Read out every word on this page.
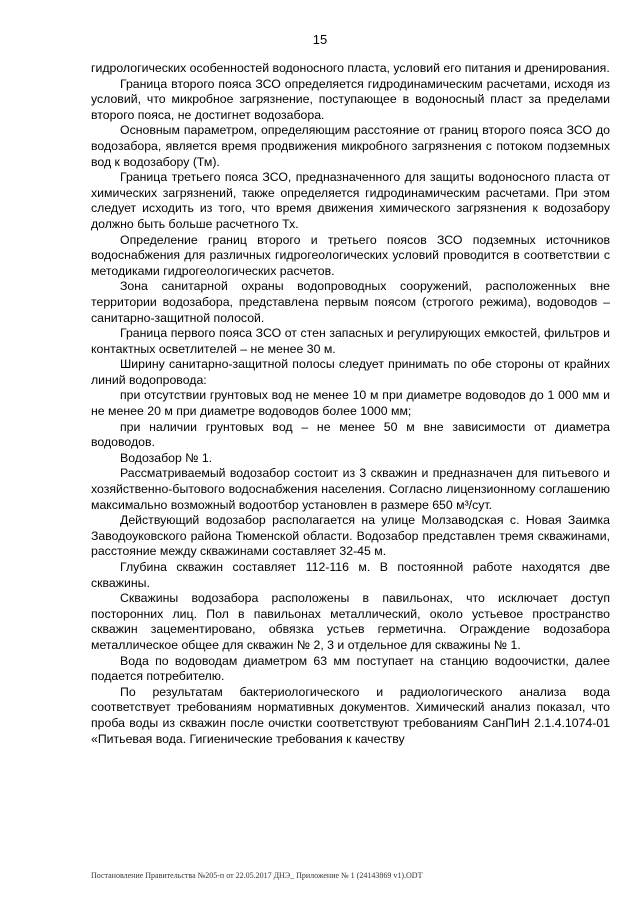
15

гидрологических особенностей водоносного пласта, условий его питания и дренирования.

Граница второго пояса ЗСО определяется гидродинамическим расчетами, исходя из условий, что микробное загрязнение, поступающее в водоносный пласт за пределами второго пояса, не достигнет водозабора.

Основным параметром, определяющим расстояние от границ второго пояса ЗСО до водозабора, является время продвижения микробного загрязнения с потоком подземных вод к водозабору (Тм).

Граница третьего пояса ЗСО, предназначенного для защиты водоносного пласта от химических загрязнений, также определяется гидродинамическим расчетами. При этом следует исходить из того, что время движения химического загрязнения к водозабору должно быть больше расчетного Тх.

Определение границ второго и третьего поясов ЗСО подземных источников водоснабжения для различных гидрогеологических условий проводится в соответствии с методиками гидрогеологических расчетов.

Зона санитарной охраны водопроводных сооружений, расположенных вне территории водозабора, представлена первым поясом (строгого режима), водоводов – санитарно-защитной полосой.

Граница первого пояса ЗСО от стен запасных и регулирующих емкостей, фильтров и контактных осветлителей – не менее 30 м.

Ширину санитарно-защитной полосы следует принимать по обе стороны от крайних линий водопровода:

при отсутствии грунтовых вод не менее 10 м при диаметре водоводов до 1 000 мм и не менее 20 м при диаметре водоводов более 1000 мм;

при наличии грунтовых вод – не менее 50 м вне зависимости от диаметра водоводов.

Водозабор № 1.

Рассматриваемый водозабор состоит из 3 скважин и предназначен для питьевого и хозяйственно-бытового водоснабжения населения. Согласно лицензионному соглашению максимально возможный водоотбор установлен в размере 650 м³/сут.

Действующий водозабор располагается на улице Молзаводская с. Новая Заимка Заводоуковского района Тюменской области. Водозабор представлен тремя скважинами, расстояние между скважинами составляет 32-45 м.

Глубина скважин составляет 112-116 м. В постоянной работе находятся две скважины.

Скважины водозабора расположены в павильонах, что исключает доступ посторонних лиц. Пол в павильонах металлический, около устьевое пространство скважин зацементировано, обвязка устьев герметична. Ограждение водозабора металлическое общее для скважин № 2, 3 и отдельное для скважины № 1.

Вода по водоводам диаметром 63 мм поступает на станцию водоочистки, далее подается потребителю.

По результатам бактериологического и радиологического анализа вода соответствует требованиям нормативных документов. Химический анализ показал, что проба воды из скважин после очистки соответствуют требованиям СанПиН 2.1.4.1074-01 «Питьевая вода. Гигиенические требования к качеству

Постановление Правительства №205-п от 22.05.2017 ДНЭ_ Приложение № 1 (24143869 v1).ODT
